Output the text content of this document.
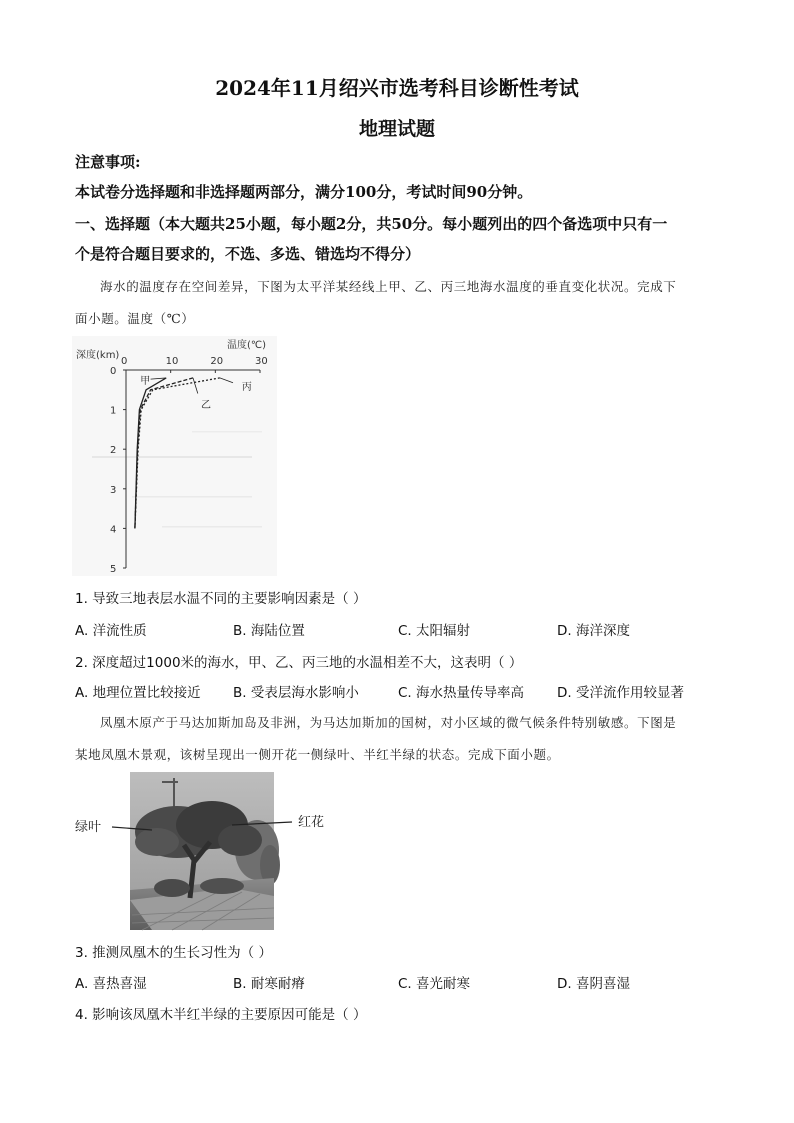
2024年11月绍兴市选考科目诊断性考试
地理试题
注意事项:
本试卷分选择题和非选择题两部分，满分100分，考试时间90分钟。
一、选择题（本大题共25小题，每小题2分，共50分。每小题列出的四个备选项中只有一
个是符合题目要求的，不选、多选、错选均不得分）
海水的温度存在空间差异，下图为太平洋某经线上甲、乙、丙三地海水温度的垂直变化状况。完成下
面小题。温度（℃）
深度(km)
温度(℃)
0	10	20	30
0
1
2
3
4
5
甲
乙
丙
1. 导致三地表层水温不同的主要影响因素是（ ）
A. 洋流性质	B. 海陆位置	C. 太阳辐射	D. 海洋深度
2. 深度超过1000米的海水，甲、乙、丙三地的水温相差不大，这表明（ ）
A. 地理位置比较接近 B. 受表层海水影响小	C. 海水热量传导率高 D. 受洋流作用较显著
凤凰木原产于马达加斯加岛及非洲，为马达加斯加的国树，对小区域的微气候条件特别敏感。下图是
某地凤凰木景观，该树呈现出一侧开花一侧绿叶、半红半绿的状态。完成下面小题。
绿叶	红花
3. 推测凤凰木的生长习性为（ ）
A. 喜热喜湿	B. 耐寒耐瘠	C. 喜光耐寒	D. 喜阴喜湿
4. 影响该凤凰木半红半绿的主要原因可能是（ ）
